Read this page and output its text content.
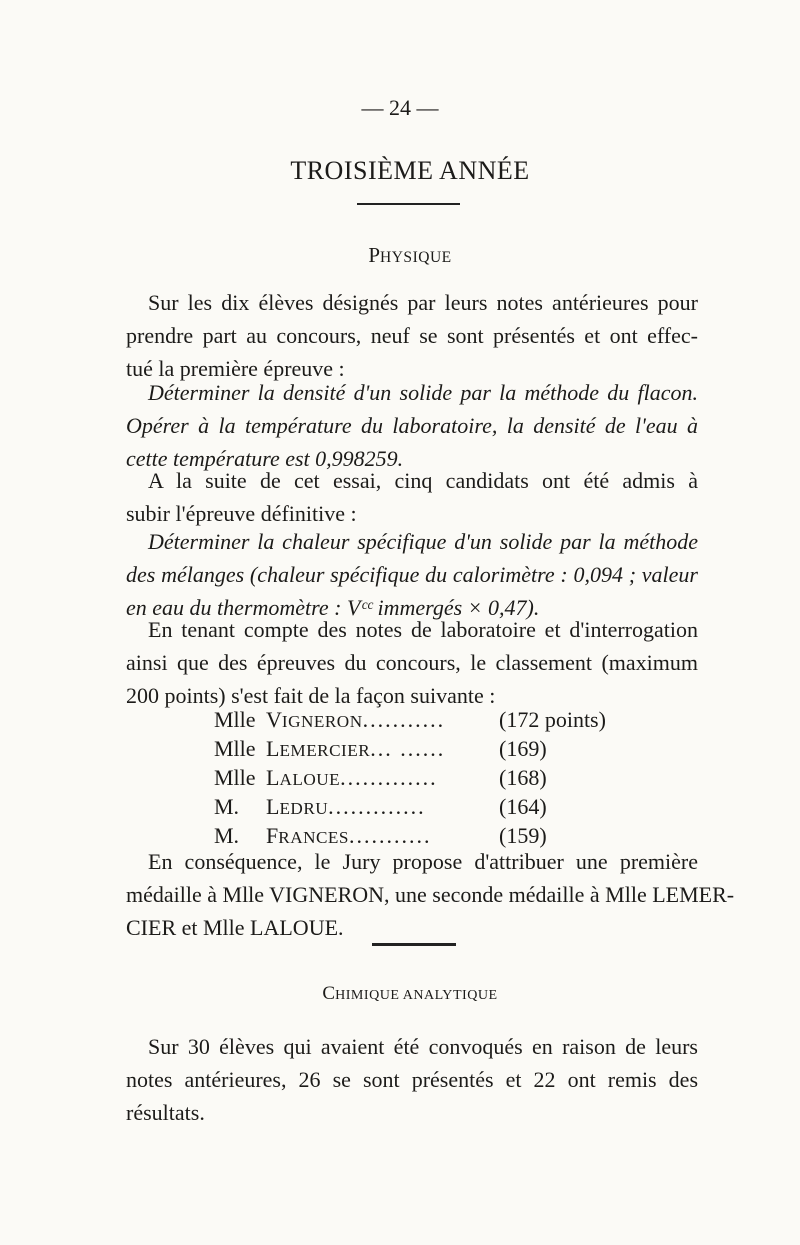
— 24 —
TROISIÈME ANNÉE
PHYSIQUE
Sur les dix élèves désignés par leurs notes antérieures pour
prendre part au concours, neuf se sont présentés et ont effec-
tué la première épreuve :
Déterminer la densité d'un solide par la méthode du flacon.
Opérer à la température du laboratoire, la densité de l'eau à
cette température est 0,998259.
A la suite de cet essai, cinq candidats ont été admis à
subir l'épreuve définitive :
Déterminer la chaleur spécifique d'un solide par la méthode
des mélanges (chaleur spécifique du calorimètre : 0,094 ; valeur
en eau du thermomètre : Vᶜᶜ immergés × 0,47).
En tenant compte des notes de laboratoire et d'interrogation
ainsi que des épreuves du concours, le classement (maximum
200 points) s'est fait de la façon suivante :
Mlle VIGNERON...........	(172 points)
Mlle LEMERCIER... ......	(169)
Mlle LALOUE.............	(168)
M.	LEDRU.............	(164)
M.	FRANCES...........	(159)
En conséquence, le Jury propose d'attribuer une première
médaille à Mlle VIGNERON, une seconde médaille à Mlle LEMER-
CIER et Mlle LALOUE.
CHIMIQUE ANALYTIQUE
Sur 30 élèves qui avaient été convoqués en raison de leurs
notes antérieures, 26 se sont présentés et 22 ont remis des
résultats.
